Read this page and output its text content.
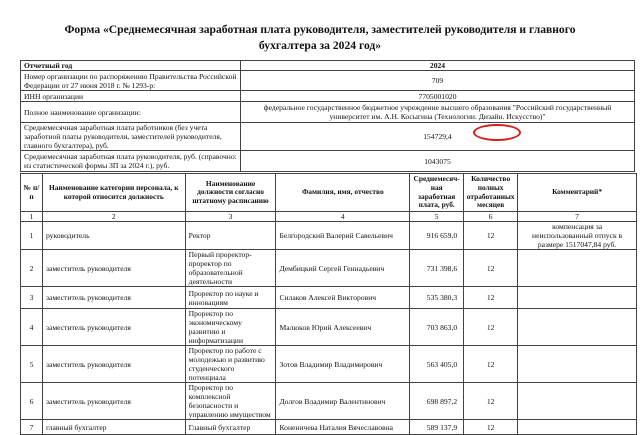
Форма «Среднемесячная заработная плата руководителя, заместителей руководителя и главного бухгалтера за 2024 год»
Отчетный год	2024
Номер организации по распоряжению Правительства Российской Федерации от 27 июня 2018 г. № 1293-р:	709
ИНН организации	7705001020
Полное наименование организации:	федеральное государственное бюджетное учреждение высшего образования "Российский государственный университет им. А.Н. Косыгина (Технологии. Дизайн. Искусство)"
Среднемесячная заработная плата работников (без учета заработной платы руководителя, заместителей руководителя, главного бухгалтера), руб.	154729,4
Среднемесячная заработная плата руководителя, руб. (справочно: из статистической формы ЗП за 2024 г.), руб.	1043075
№ п/п	Наименование категории персонала, к которой относится должность	Наименование должности согласно штатному расписанию	Фамилия, имя, отчество	Среднемесяч-ная заработная плата, руб.	Количество полных отработанных месяцев	Комментарий*
1	2	3	4	5	6	7
1	руководитель	Ректор	Белгородский Валерий Савельевич	916 659,0	12	компенсация за неиспользованный отпуск в размере 1517047,84 руб.
2	заместитель руководителя	Первый проректор-проректор по образовательной деятельности	Дембицкий Сергей Геннадьевич	731 398,6	12	
3	заместитель руководителя	Проректор по науке и инновациям	Силаков Алексей Викторович	535 380,3	12	
4	заместитель руководителя	Проректор по экономическому развитию и информатизации	Малюков Юрий Алексеевич	703 863,0	12	
5	заместитель руководителя	Проректор по работе с молодежью и развитию студенческого потенциала	Зотов Владимир Владимирович	563 405,0	12	
6	заместитель руководителя	Проректор по комплексной безопасности и управлению имуществом	Долгов Владимир Валентинович	698 897,2	12	
7	главный бухгалтер	Главный бухгалтер	Коненичева Наталия Вячеславовна	589 137,9	12	
